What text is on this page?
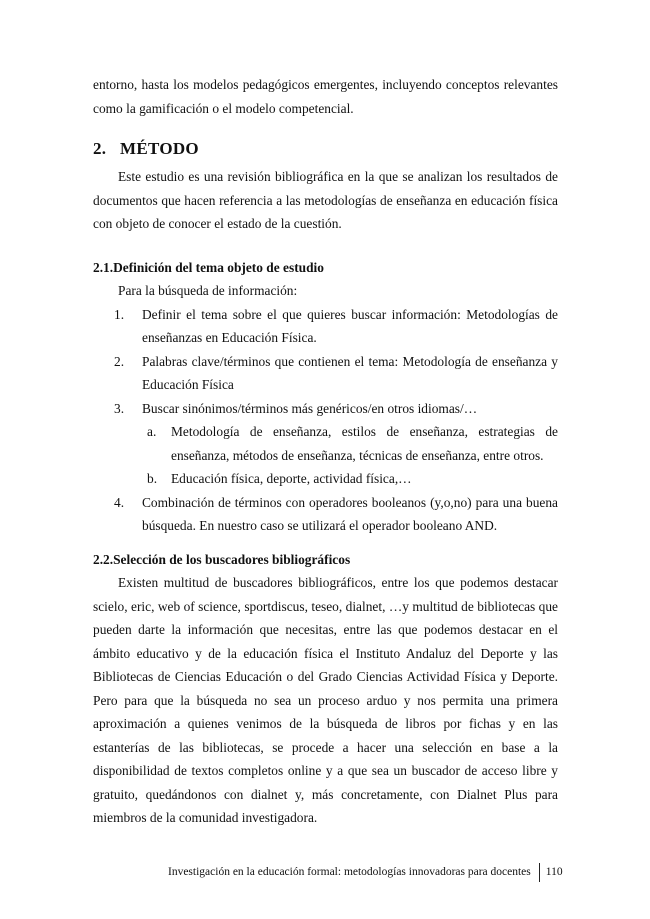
entorno, hasta los modelos pedagógicos emergentes, incluyendo conceptos relevantes como la gamificación o el modelo competencial.

2. MÉTODO

Este estudio es una revisión bibliográfica en la que se analizan los resultados de documentos que hacen referencia a las metodologías de enseñanza en educación física con objeto de conocer el estado de la cuestión.

2.1.Definición del tema objeto de estudio

Para la búsqueda de información:

1. Definir el tema sobre el que quieres buscar información: Metodologías de enseñanzas en Educación Física.
2. Palabras clave/términos que contienen el tema: Metodología de enseñanza y Educación Física
3. Buscar sinónimos/términos más genéricos/en otros idiomas/…
a. Metodología de enseñanza, estilos de enseñanza, estrategias de enseñanza, métodos de enseñanza, técnicas de enseñanza, entre otros.
b. Educación física, deporte, actividad física,…
4. Combinación de términos con operadores booleanos (y,o,no) para una buena búsqueda. En nuestro caso se utilizará el operador booleano AND.
2.2.Selección de los buscadores bibliográficos

Existen multitud de buscadores bibliográficos, entre los que podemos destacar scielo, eric, web of science, sportdiscus, teseo, dialnet, …y multitud de bibliotecas que pueden darte la información que necesitas, entre las que podemos destacar en el ámbito educativo y de la educación física el Instituto Andaluz del Deporte y las Bibliotecas de Ciencias Educación o del Grado Ciencias Actividad Física y Deporte. Pero para que la búsqueda no sea un proceso arduo y nos permita una primera aproximación a quienes venimos de la búsqueda de libros por fichas y en las estanterías de las bibliotecas, se procede a hacer una selección en base a la disponibilidad de textos completos online y a que sea un buscador de acceso libre y gratuito, quedándonos con dialnet y, más concretamente, con Dialnet Plus para miembros de la comunidad investigadora.

Investigación en la educación formal: metodologías innovadoras para docentes 110
